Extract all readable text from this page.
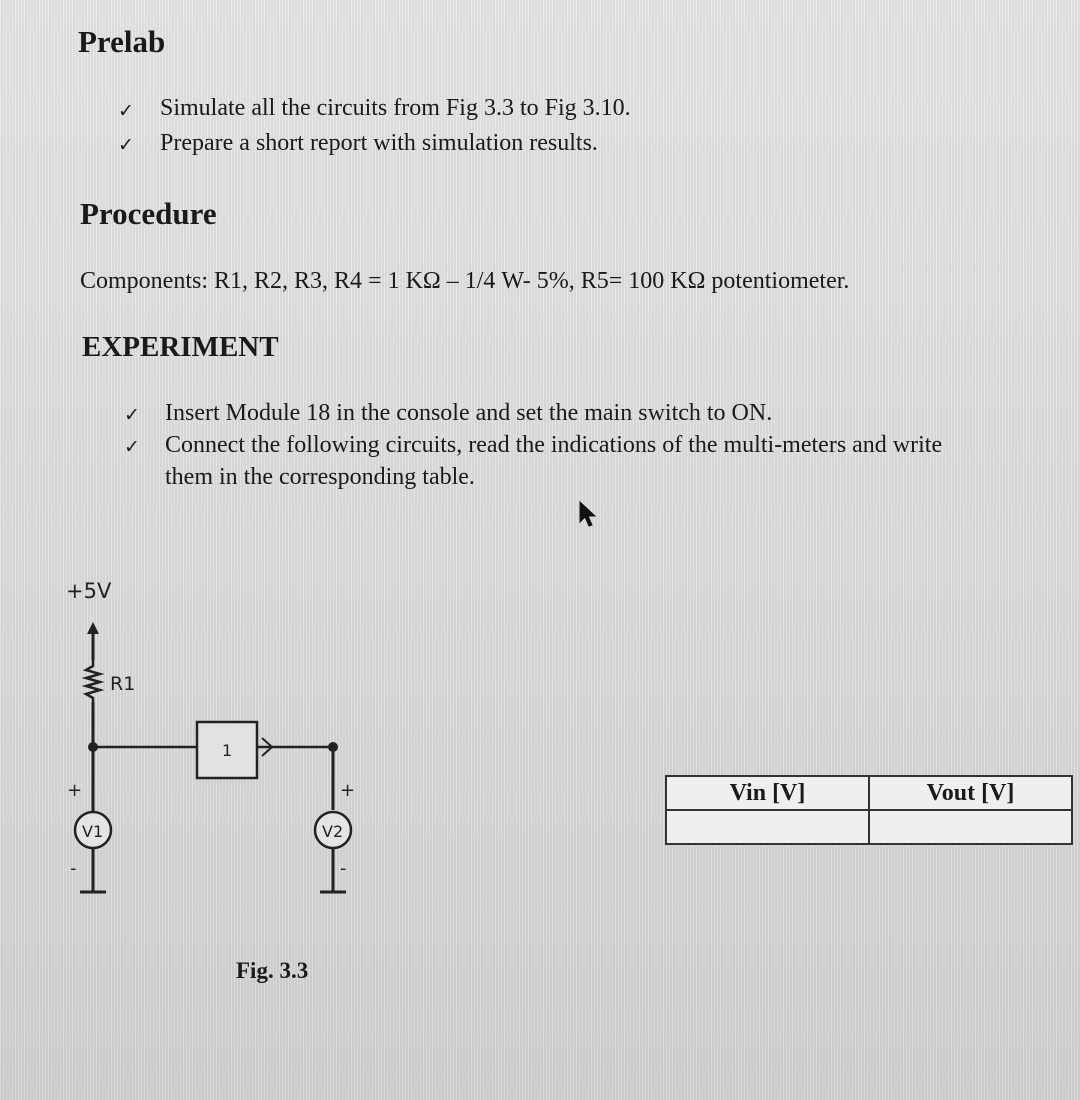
Prelab
✓ Simulate all the circuits from Fig 3.3 to Fig 3.10.
✓ Prepare a short report with simulation results.
Procedure
Components: R1, R2, R3, R4 = 1 KΩ – 1/4 W- 5%, R5= 100 KΩ potentiometer.
EXPERIMENT
✓ Insert Module 18 in the console and set the main switch to ON.
✓ Connect the following circuits, read the indications of the multi-meters and write
them in the corresponding table.
+5V
R1
1
+
V1
-
+
V2
-
Fig. 3.3
Vin [V]	Vout [V]
